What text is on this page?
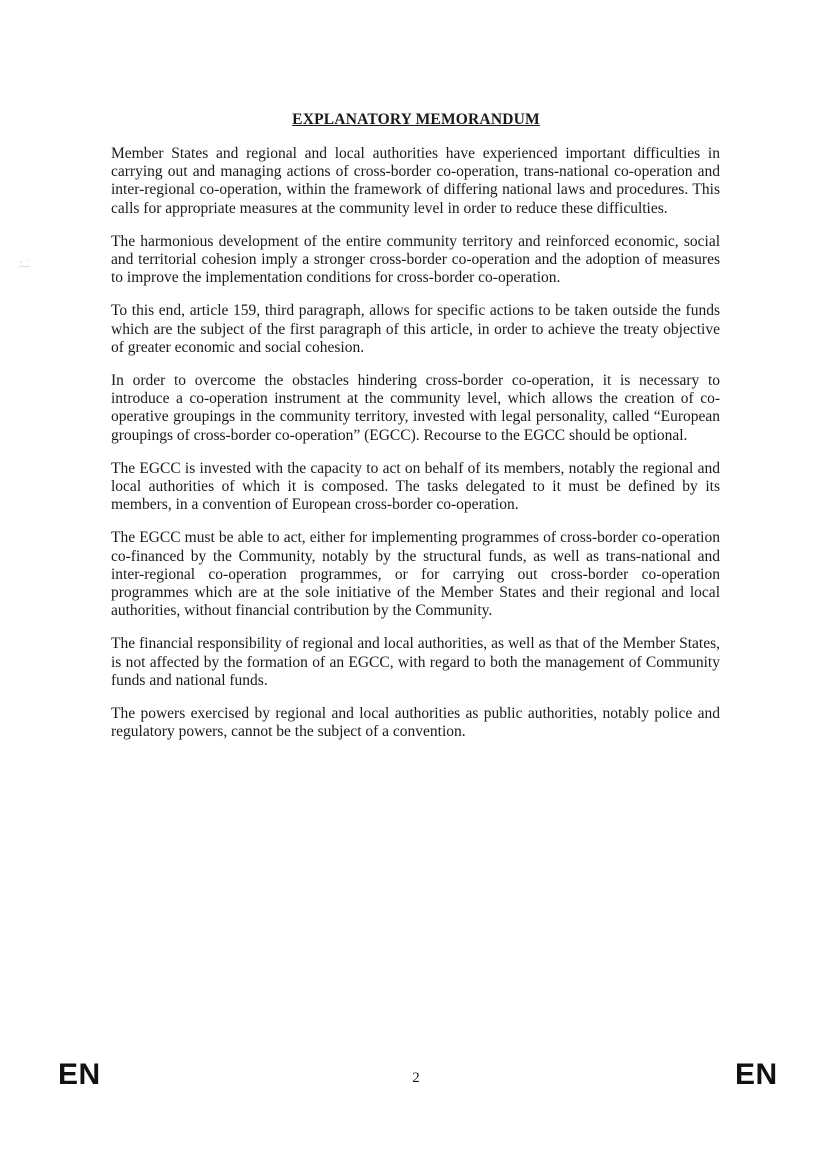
EXPLANATORY MEMORANDUM

Member States and regional and local authorities have experienced important difficulties in carrying out and managing actions of cross-border co-operation, trans-national co-operation and inter-regional co-operation, within the framework of differing national laws and procedures. This calls for appropriate measures at the community level in order to reduce these difficulties.

The harmonious development of the entire community territory and reinforced economic, social and territorial cohesion imply a stronger cross-border co-operation and the adoption of measures to improve the implementation conditions for cross-border co-operation.

To this end, article 159, third paragraph, allows for specific actions to be taken outside the funds which are the subject of the first paragraph of this article, in order to achieve the treaty objective of greater economic and social cohesion.

In order to overcome the obstacles hindering cross-border co-operation, it is necessary to introduce a co-operation instrument at the community level, which allows the creation of co-operative groupings in the community territory, invested with legal personality, called “European groupings of cross-border co-operation” (EGCC). Recourse to the EGCC should be optional.

The EGCC is invested with the capacity to act on behalf of its members, notably the regional and local authorities of which it is composed. The tasks delegated to it must be defined by its members, in a convention of European cross-border co-operation.

The EGCC must be able to act, either for implementing programmes of cross-border co-operation co-financed by the Community, notably by the structural funds, as well as trans-national and inter-regional co-operation programmes, or for carrying out cross-border co-operation programmes which are at the sole initiative of the Member States and their regional and local authorities, without financial contribution by the Community.

The financial responsibility of regional and local authorities, as well as that of the Member States, is not affected by the formation of an EGCC, with regard to both the management of Community funds and national funds.

The powers exercised by regional and local authorities as public authorities, notably police and regulatory powers, cannot be the subject of a convention.

EN	2	EN
